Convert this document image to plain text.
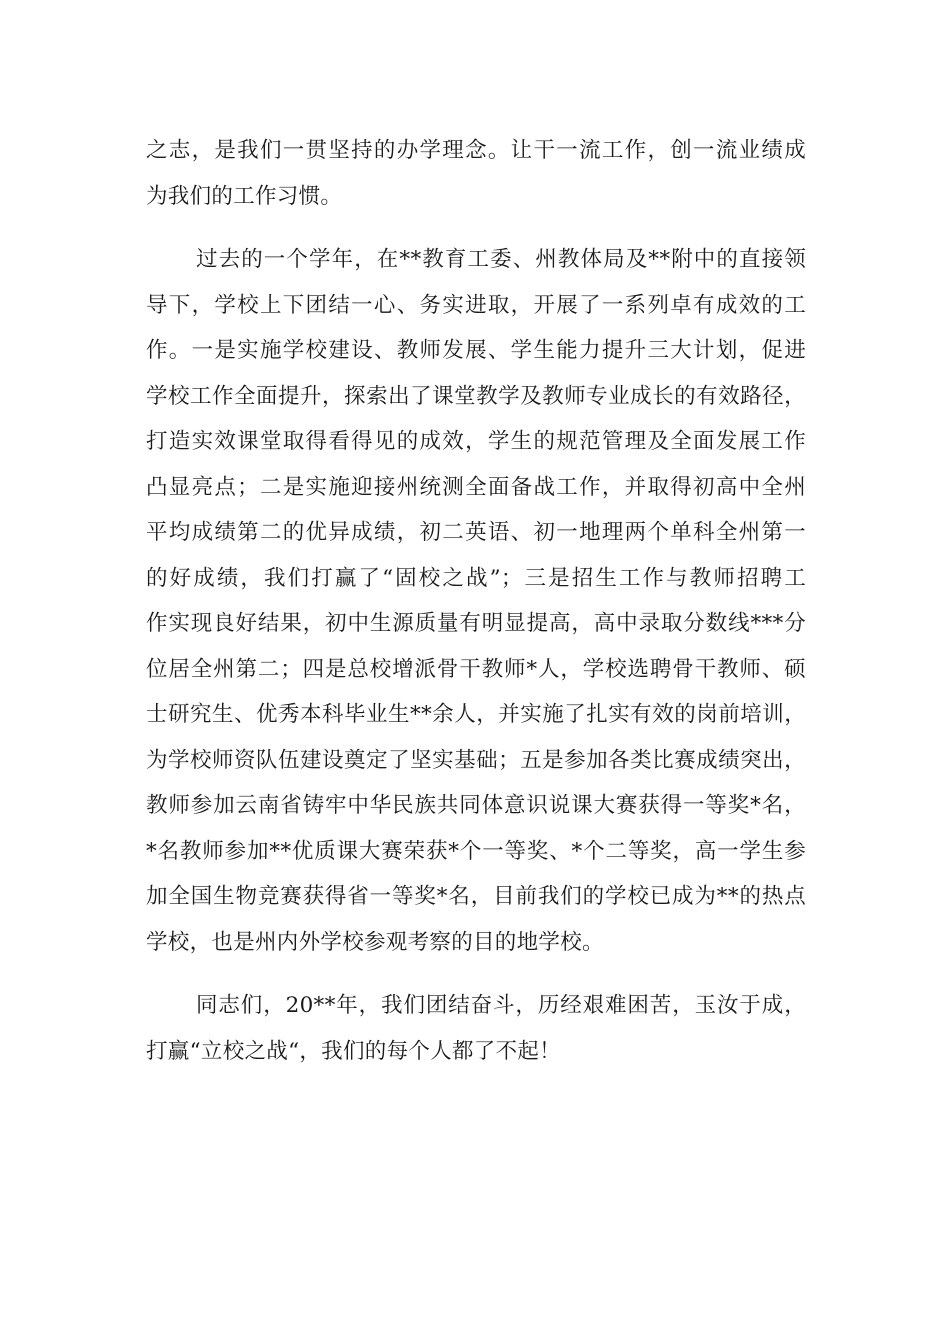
之志，是我们一贯坚持的办学理念。让干一流工作，创一流业绩成
为我们的工作习惯。
过去的一个学年，在**教育工委、州教体局及**附中的直接领
导下，学校上下团结一心、务实进取，开展了一系列卓有成效的工
作。一是实施学校建设、教师发展、学生能力提升三大计划，促进
学校工作全面提升，探索出了课堂教学及教师专业成长的有效路径，
打造实效课堂取得看得见的成效，学生的规范管理及全面发展工作
凸显亮点；二是实施迎接州统测全面备战工作，并取得初高中全州
平均成绩第二的优异成绩，初二英语、初一地理两个单科全州第一
的好成绩，我们打赢了“固校之战”；三是招生工作与教师招聘工
作实现良好结果，初中生源质量有明显提高，高中录取分数线***分
位居全州第二；四是总校增派骨干教师*人，学校选聘骨干教师、硕
士研究生、优秀本科毕业生**余人，并实施了扎实有效的岗前培训，
为学校师资队伍建设奠定了坚实基础；五是参加各类比赛成绩突出，
教师参加云南省铸牢中华民族共同体意识说课大赛获得一等奖*名，
*名教师参加**优质课大赛荣获*个一等奖、*个二等奖，高一学生参
加全国生物竞赛获得省一等奖*名，目前我们的学校已成为**的热点
学校，也是州内外学校参观考察的目的地学校。
同志们，20**年，我们团结奋斗，历经艰难困苦，玉汝于成，
打赢“立校之战“，我们的每个人都了不起！
